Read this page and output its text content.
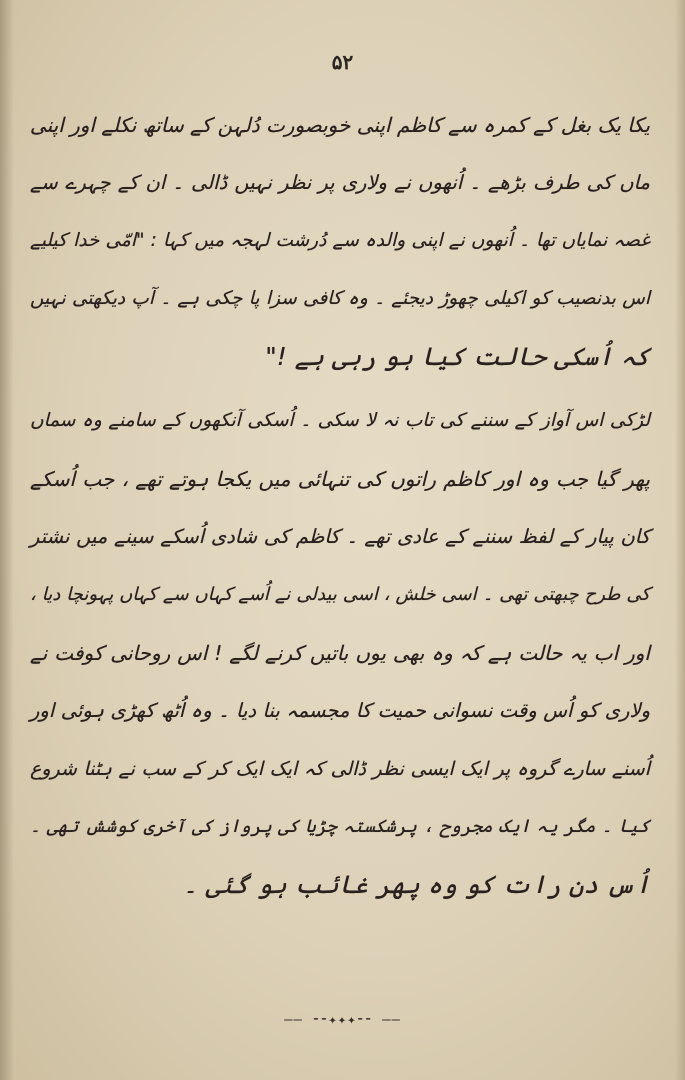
۵۲
یکا یک بغل کے کمرہ سے کاظم اپنی خوبصورت دُلہن کے ساتھ نکلے اور اپنی
ماں کی طرف بڑھے ۔ اُنھوں نے ولاری پر نظر نہیں ڈالی ۔ ان کے چہرے سے
غصہ نمایاں تھا ۔ اُنھوں نے اپنی والدہ سے دُرشت لہجہ میں کہا : "امّی خدا کیلیے
اس بدنصیب کو اکیلی چھوڑ دیجئے ۔ وہ کافی سزا پا چکی ہے ۔ آپ دیکھتی نہیں
کہ اُسکی حالت کیا ہو رہی ہے !"
لڑکی اس آواز کے سننے کی تاب نہ لا سکی ۔ اُسکی آنکھوں کے سامنے وہ سماں
پھر گیا جب وہ اور کاظم راتوں کی تنہائی میں یکجا ہوتے تھے ، جب اُسکے
کان پیار کے لفظ سننے کے عادی تھے ۔ کاظم کی شادی اُسکے سینے میں نشتر
کی طرح چبھتی تھی ۔ اسی خلش ، اسی بیدلی نے اُسے کہاں سے کہاں پہونچا دیا ،
اور اب یہ حالت ہے کہ وہ بھی یوں باتیں کرنے لگے ! اس روحانی کوفت نے
ولاری کو اُس وقت نسوانی حمیت کا مجسمہ بنا دیا ۔ وہ اُٹھ کھڑی ہوئی اور
اُسنے سارے گروہ پر ایک ایسی نظر ڈالی کہ ایک ایک کر کے سب نے ہٹنا شروع
کیا ۔ مگر یہ ایک مجروح ، پرشکستہ چڑیا کی پرواز کی آخری کوشش تھی ۔
اُس دن رات کو وہ پھر غائب ہو گئی ۔
—— ⁃⁃✦✦✦⁃⁃ ——
